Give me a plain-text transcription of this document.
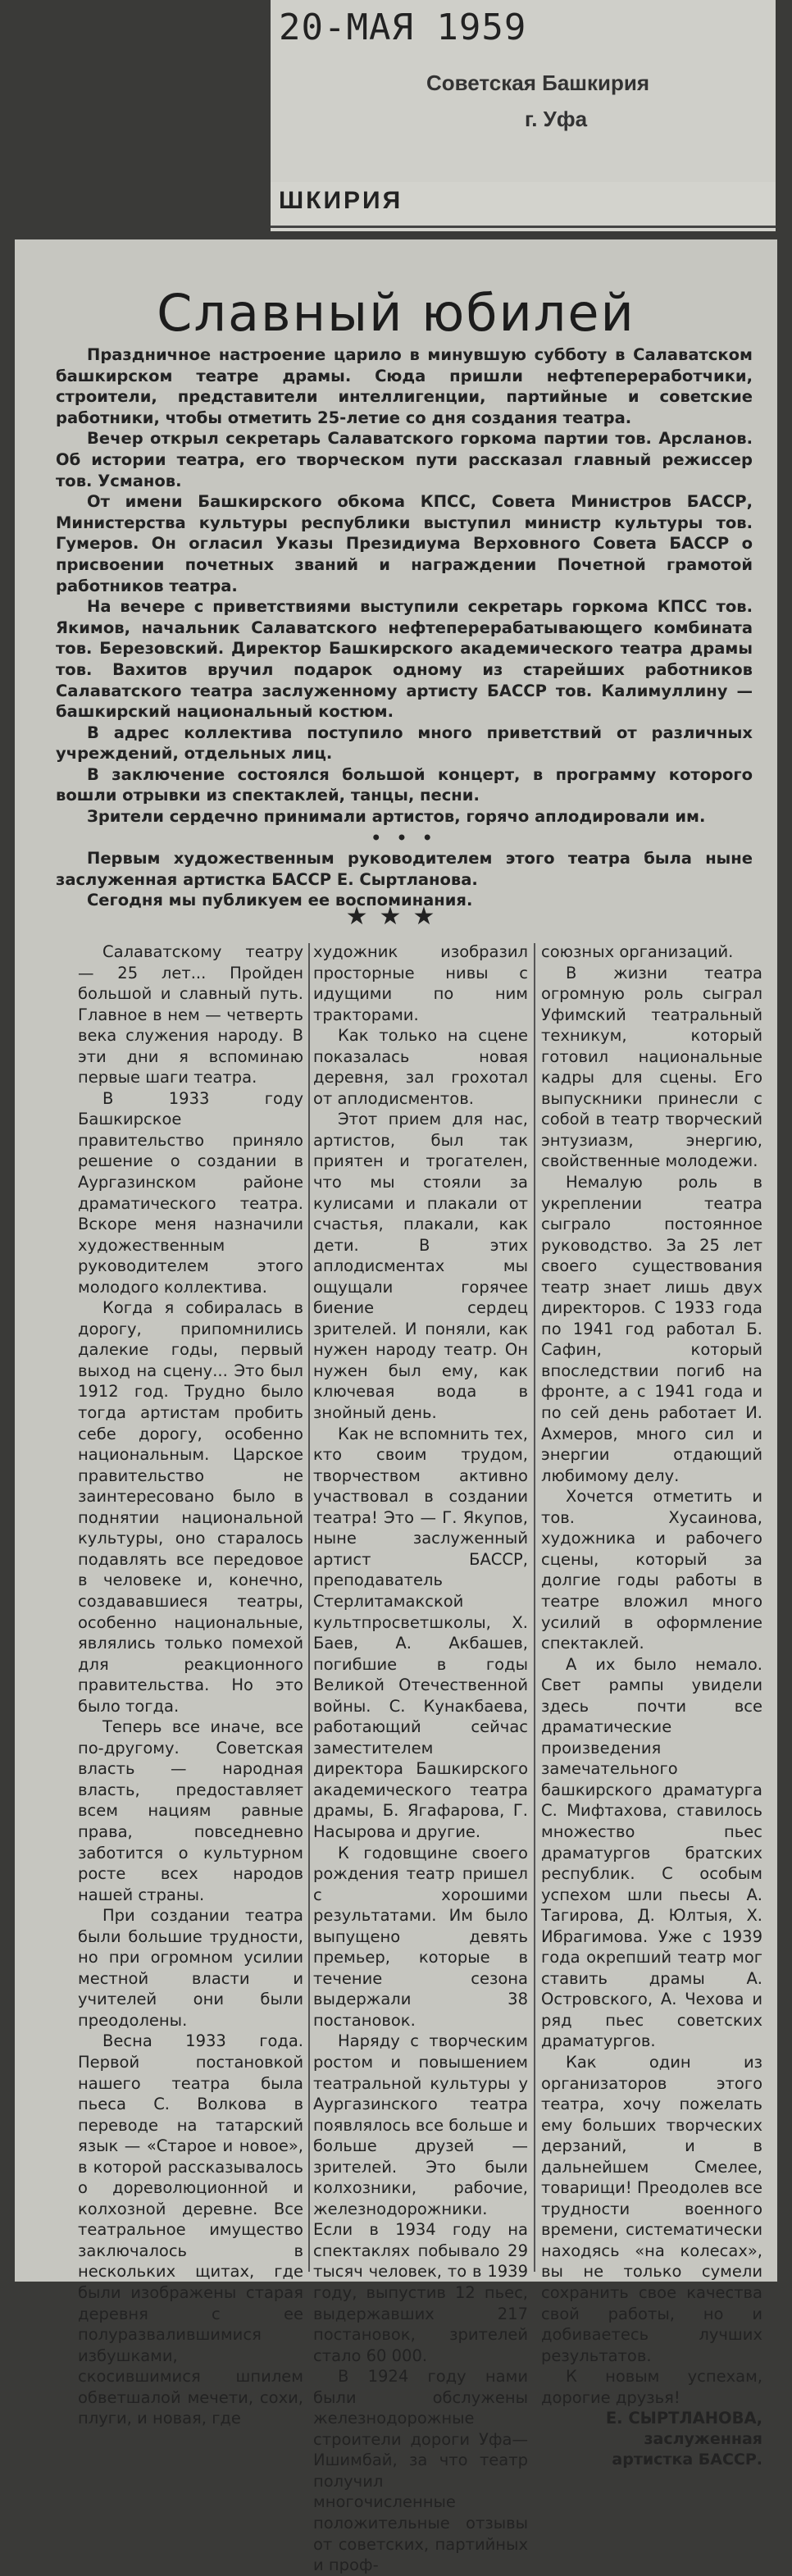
20-МАЯ 1959
Советская Башкирия
г. Уфа
ШКИРИЯ
Славный юбилей

Праздничное настроение царило в минувшую субботу в Салаватском башкирском театре драмы. Сюда пришли нефтепереработчики, строители, представители интеллигенции, партийные и советские работники, чтобы отметить 25-летие со дня создания театра.

Вечер открыл секретарь Салаватского горкома партии тов. Арсланов. Об истории театра, его творческом пути рассказал главный режиссер тов. Усманов.

От имени Башкирского обкома КПСС, Совета Министров БАССР, Министерства культуры республики выступил министр культуры тов. Гумеров. Он огласил Указы Президиума Верховного Совета БАССР о присвоении почетных званий и награждении Почетной грамотой работников театра.

На вечере с приветствиями выступили секретарь горкома КПСС тов. Якимов, начальник Салаватского нефтеперерабатывающего комбината тов. Березовский. Директор Башкирского академического театра драмы тов. Вахитов вручил подарок одному из старейших работников Салаватского театра заслуженному артисту БАССР тов. Калимуллину — башкирский национальный костюм.

В адрес коллектива поступило много приветствий от различных учреждений, отдельных лиц.

В заключение состоялся большой концерт, в программу которого вошли отрывки из спектаклей, танцы, песни.

Зрители сердечно принимали артистов, горячо аплодировали им.

• • •

Первым художественным руководителем этого театра была ныне заслуженная артистка БАССР Е. Сыртланова.

Сегодня мы публикуем ее воспоминания.

★★★

Салаватскому театру — 25 лет... Пройден большой и славный путь. Главное в нем — четверть века служения народу. В эти дни я вспоминаю первые шаги театра.

В 1933 году Башкирское правительство приняло решение о создании в Аургазинском районе драматического театра. Вскоре меня назначили художественным руководителем этого молодого коллектива.

Когда я собиралась в дорогу, припомнились далекие годы, первый выход на сцену... Это был 1912 год. Трудно было тогда артистам пробить себе дорогу, особенно национальным. Царское правительство не заинтересовано было в поднятии национальной культуры, оно старалось подавлять все передовое в человеке и, конечно, создававшиеся театры, особенно национальные, являлись только помехой для реакционного правительства. Но это было тогда.

Теперь все иначе, все по-другому. Советская власть — народная власть, предоставляет всем нациям равные права, повседневно заботится о культурном росте всех народов нашей страны.

При создании театра были большие трудности, но при огромном усилии местной власти и учителей они были преодолены.

Весна 1933 года. Первой постановкой нашего театра была пьеса С. Волкова в переводе на татарский язык — «Старое и новое», в которой рассказывалось о дореволюционной и колхозной деревне. Все театральное имущество заключалось в нескольких щитах, где были изображены старая деревня с ее полуразвалившимися избушками, скосившимися шпилем обветшалой мечети, сохи, плуги, и новая, где

художник изобразил просторные нивы с идущими по ним тракторами.

Как только на сцене показалась новая деревня, зал грохотал от аплодисментов.

Этот прием для нас, артистов, был так приятен и трогателен, что мы стояли за кулисами и плакали от счастья, плакали, как дети. В этих аплодисментах мы ощущали горячее биение сердец зрителей. И поняли, как нужен народу театр. Он нужен был ему, как ключевая вода в знойный день.

Как не вспомнить тех, кто своим трудом, творчеством активно участвовал в создании театра! Это — Г. Якупов, ныне заслуженный артист БАССР, преподаватель Стерлитамакской культпросветшколы, Х. Баев, А. Акбашев, погибшие в годы Великой Отечественной войны. С. Кунакбаева, работающий сейчас заместителем директора Башкирского академического театра драмы, Б. Ягафарова, Г. Насырова и другие.

К годовщине своего рождения театр пришел с хорошими результатами. Им было выпущено девять премьер, которые в течение сезона выдержали 38 постановок.

Наряду с творческим ростом и повышением театральной культуры у Аургазинского театра появлялось все больше и больше друзей — зрителей. Это были колхозники, рабочие, железнодорожники. Если в 1934 году на спектаклях побывало 29 тысяч человек, то в 1939 году, выпустив 12 пьес, выдержавших 217 постановок, зрителей стало 60 000.

В 1924 году нами были обслужены железнодорожные строители дороги Уфа—Ишимбай, за что театр получил многочисленные положительные отзывы от советских, партийных и проф-

союзных организаций.

В жизни театра огромную роль сыграл Уфимский театральный техникум, который готовил национальные кадры для сцены. Его выпускники принесли с собой в театр творческий энтузиазм, энергию, свойственные молодежи.

Немалую роль в укреплении театра сыграло постоянное руководство. За 25 лет своего существования театр знает лишь двух директоров. С 1933 года по 1941 год работал Б. Сафин, который впоследствии погиб на фронте, а с 1941 года и по сей день работает И. Ахмеров, много сил и энергии отдающий любимому делу.

Хочется отметить и тов. Хусаинова, художника и рабочего сцены, который за долгие годы работы в театре вложил много усилий в оформление спектаклей.

А их было немало. Свет рампы увидели здесь почти все драматические произведения замечательного башкирского драматурга С. Мифтахова, ставилось множество пьес драматургов братских республик. С особым успехом шли пьесы А. Тагирова, Д. Юлтыя, Х. Ибрагимова. Уже с 1939 года окрепший театр мог ставить драмы А. Островского, А. Чехова и ряд пьес советских драматургов.

Как один из организаторов этого театра, хочу пожелать ему больших творческих дерзаний, и в дальнейшем Смелее, товарищи! Преодолев все трудности военного времени, систематически находясь «на колесах», вы не только сумели сохранить свое качества свой работы, но и добиваетесь лучших результатов.

К новым успехам, дорогие друзья!

Е. СЫРТЛАНОВА,

заслуженная артистка БАССР.
